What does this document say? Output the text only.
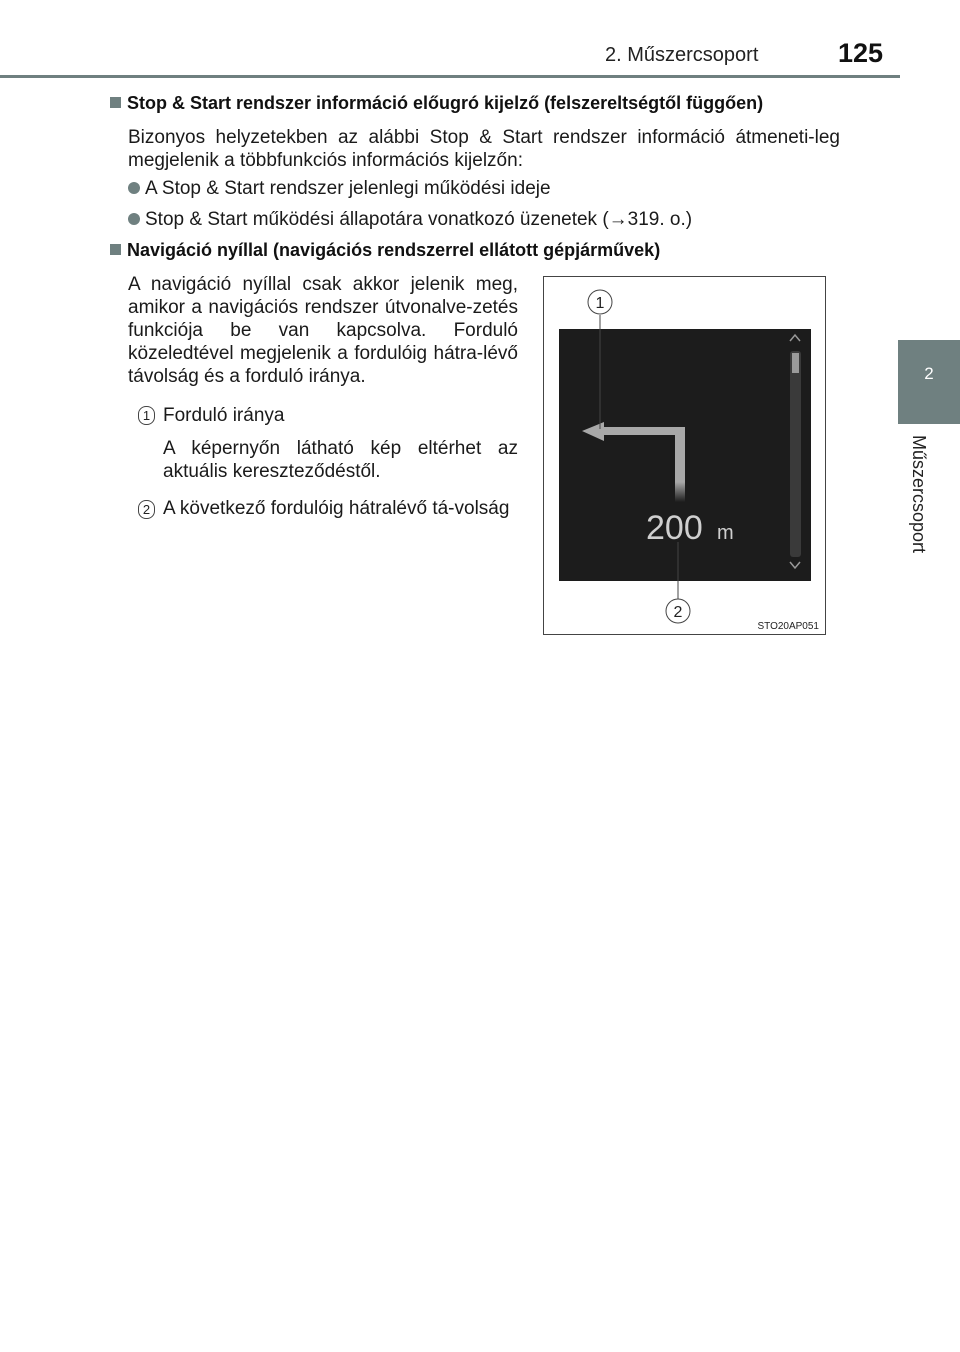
2. Műszercsoport	125
2
Műszercsoport
Stop & Start rendszer információ előugró kijelző (felszereltségtől függően)
Bizonyos helyzetekben az alábbi Stop & Start rendszer információ átmeneti-leg megjelenik a többfunkciós információs kijelzőn:
A Stop & Start rendszer jelenlegi működési ideje
Stop & Start működési állapotára vonatkozó üzenetek (→319. o.)
Navigáció nyíllal (navigációs rendszerrel ellátott gépjárművek)
A navigáció nyíllal csak akkor jelenik meg, amikor a navigációs rendszer útvonalve-zetés funkciója be van kapcsolva. Forduló közeledtével megjelenik a fordulóig hátra-lévő távolság és a forduló iránya.
1 Forduló iránya
A képernyőn látható kép eltérhet az aktuális kereszteződéstől.
2 A következő fordulóig hátralévő tá-volság
200 m
1
2
STO20AP051
